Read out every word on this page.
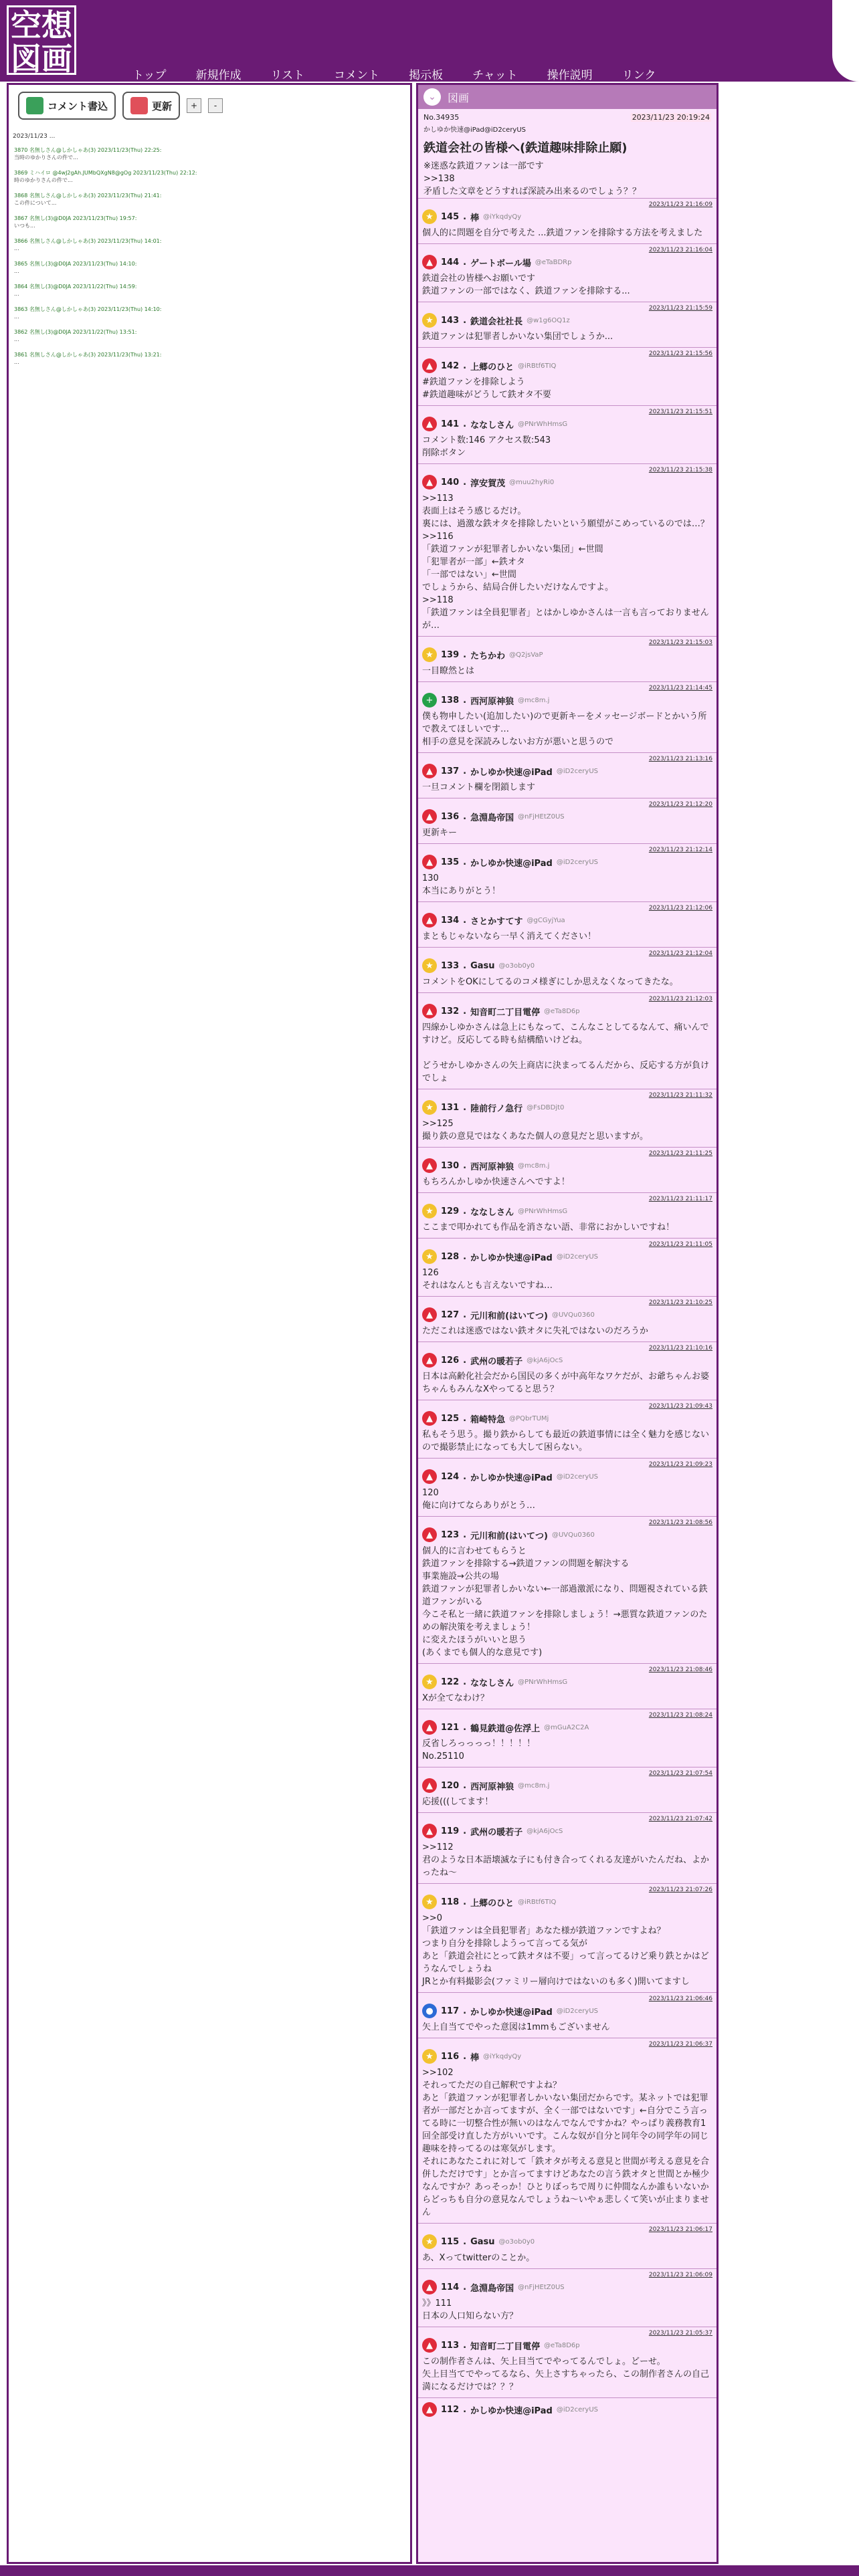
空想
図画	トップ	新規作成	リスト	コメント	掲示板	チャット	操作説明	リンク
コメント書込	更新	+	-
2023/11/23 ...
3870 名無しさん@しかしゃあ(3) 2023/11/23(Thu) 22:25:
当時のゆかりさんの件で...
3869 ミハイロ @4wJ2gAh.JUMbQXgN8@gOg 2023/11/23(Thu) 22:12:
時のゆかりさんの件で...
3868 名無しさん@しかしゃあ(3) 2023/11/23(Thu) 21:41:
この件について...
3867 名無し(3)@D0JA 2023/11/23(Thu) 19:57:
いつも...
3866 名無しさん@しかしゃあ(3) 2023/11/23(Thu) 14:01:
...
3865 名無し(3)@D0JA 2023/11/23(Thu) 14:10:
...
3864 名無し(3)@D0JA 2023/11/22(Thu) 14:59:
...
3863 名無しさん@しかしゃあ(3) 2023/11/23(Thu) 14:10:
...
3862 名無し(3)@D0JA 2023/11/22(Thu) 13:51:
...
3861 名無しさん@しかしゃあ(3) 2023/11/23(Thu) 13:21:
...
⌄	図画
No.34935	2023/11/23 20:19:24
かしゆか快速@iPad@iD2ceryUS
鉄道会社の皆様へ(鉄道趣味排除止願)
※迷惑な鉄道ファンは一部です
>>138
矛盾した文章をどうすれば深読み出来るのでしょう？？
2023/11/23 21:16:09
★ 145 . 棒 @iYkqdyQy
個人的に問題を自分で考えた ...鉄道ファンを排除する方法を考えました
2023/11/23 21:16:04
▲ 144 . ゲートボール場 @eTaBDRp
鉄道会社の皆様へお願いです
鉄道ファンの一部ではなく、鉄道ファンを排除する...
2023/11/23 21:15:59
★ 143 . 鉄道会社社長 @w1g6OQ1z
鉄道ファンは犯罪者しかいない集団でしょうか...
2023/11/23 21:15:56
▲ 142 . 上郷のひと @iRBtf6TIQ
#鉄道ファンを排除しよう
#鉄道趣味がどうして鉄オタ不要
2023/11/23 21:15:51
▲ 141 . ななしさん @PNrWhHmsG
コメント数:146 アクセス数:543
削除ボタン
2023/11/23 21:15:38
▲ 140 . 淳安賀茂 @muu2hyRi0
>>113
表面上はそう感じるだけ。
裏には、過激な鉄オタを排除したいという願望がこめっているのでは…？
>>116
「鉄道ファンが犯罪者しかいない集団」←世間
「犯罪者が一部」←鉄オタ
「一部ではない」←世間
でしょうから、結局合併したいだけなんですよ。
>>118
「鉄道ファンは全員犯罪者」とはかしゆかさんは一言も言っておりませんが…
2023/11/23 21:15:03
★ 139 . たちかわ @Q2jsVaP
一目瞭然とは
2023/11/23 21:14:45
+ 138 . 西河原神狼 @mc8m.j
僕も物申したい(追加したい)ので更新キーをメッセージボードとかいう所で教えてほしいです…
相手の意見を深読みしないお方が悪いと思うので
2023/11/23 21:13:16
▲ 137 . かしゆか快速@iPad @iD2ceryUS
一旦コメント欄を閉鎖します
2023/11/23 21:12:20
▲ 136 . 急淵島帝国 @nFjHEtZ0US
更新キー
2023/11/23 21:12:14
▲ 135 . かしゆか快速@iPad @iD2ceryUS
130
本当にありがとう！
2023/11/23 21:12:06
▲ 134 . さとかすてす @gCGyjYua
まともじゃないなら一早く消えてください！
2023/11/23 21:12:04
★ 133 . Gasu @o3ob0y0
コメントをOKにしてるのコメ様ぎにしか思えなくなってきたな。
2023/11/23 21:12:03
▲ 132 . 知音町二丁目電停 @eTa8D6p
四線かしゆかさんは急上にもなって、こんなことしてるなんて、痛いんですけど。反応してる時も結構酷いけどね。

どうせかしゆかさんの矢上商店に決まってるんだから、反応する方が負けでしょ
2023/11/23 21:11:32
★ 131 . 陸前行ノ急行 @FsDBDjt0
>>125
撮り鉄の意見ではなくあなた個人の意見だと思いますが。
2023/11/23 21:11:25
▲ 130 . 西河原神狼 @mc8m.j
もちろんかしゆか快速さんへですよ！
2023/11/23 21:11:17
★ 129 . ななしさん @PNrWhHmsG
ここまで叩かれても作品を消さない語、非常におかしいですね！
2023/11/23 21:11:05
★ 128 . かしゆか快速@iPad @iD2ceryUS
126
それはなんとも言えないですね…
2023/11/23 21:10:25
▲ 127 . 元川和前(はいてつ) @UVQu0360
ただこれは迷惑ではない鉄オタに失礼ではないのだろうか
2023/11/23 21:10:16
▲ 126 . 武州の暖若子 @kjA6jOcS
日本は高齢化社会だから国民の多くが中高年なワケだが、お爺ちゃんお婆ちゃんもみんなXやってると思う？
2023/11/23 21:09:43
▲ 125 . 箱崎特急 @PQbrTUMj
私もそう思う。撮り鉄からしても最近の鉄道事情には全く魅力を感じないので撮影禁止になっても大して困らない。
2023/11/23 21:09:23
▲ 124 . かしゆか快速@iPad @iD2ceryUS
120
俺に向けてならありがとう…
2023/11/23 21:08:56
▲ 123 . 元川和前(はいてつ) @UVQu0360
個人的に言わせてもらうと
鉄道ファンを排除する→鉄道ファンの問題を解決する
事業施設→公共の場
鉄道ファンが犯罪者しかいない←一部過激派になり、問題視されている鉄道ファンがいる
今こそ私と一緒に鉄道ファンを排除しましょう！→悪質な鉄道ファンのための解決策を考えましょう！
に変えたほうがいいと思う
(あくまでも個人的な意見です)
2023/11/23 21:08:46
★ 122 . ななしさん @PNrWhHmsG
Xが全てなわけ？
2023/11/23 21:08:24
▲ 121 . 鶴見鉄道@佐浮上 @mGuA2C2A
反省しろっっっっ！！！！！
No.25110
2023/11/23 21:07:54
▲ 120 . 西河原神狼 @mc8m.j
応援(((してます！
2023/11/23 21:07:42
▲ 119 . 武州の暖若子 @kjA6jOcS
>>112
君のような日本語壊滅な子にも付き合ってくれる友達がいたんだね、よかったね〜
2023/11/23 21:07:26
★ 118 . 上郷のひと @iRBtf6TIQ
>>0
「鉄道ファンは全員犯罪者」あなた様が鉄道ファンですよね？
つまり自分を排除しようって言ってる気が
あと「鉄道会社にとって鉄オタは不要」って言ってるけど乗り鉄とかはどうなんでしょうね
JRとか有料撮影会(ファミリー層向けではないのも多く)開いてますし
2023/11/23 21:06:46
● 117 . かしゆか快速@iPad @iD2ceryUS
矢上自当てでやった意図は1mmもございません
2023/11/23 21:06:37
★ 116 . 棒 @iYkqdyQy
>>102
それってただの自己解釈ですよね？
あと「鉄道ファンが犯罪者しかいない集団だからです。某ネットでは犯罪者が一部だとか言ってますが、全く一部ではないです」←自分でこう言ってる時に一切整合性が無いのはなんでなんですかね？やっぱり義務教育1回全部受け直した方がいいです。こんな奴が自分と同年令の同学年の同じ趣味を持ってるのは寒気がします。
それにあなたこれに対して「鉄オタが考える意見と世間が考える意見を合併しただけです」とか言ってますけどあなたの言う鉄オタと世間とか極少なんですか？あっそっか！ひとりぼっちで周りに仲間なんか誰もいないからどっちも自分の意見なんでしょうね〜いやぁ悲しくて笑いが止まりません
2023/11/23 21:06:17
★ 115 . Gasu @o3ob0y0
あ、Xってtwitterのことか。
2023/11/23 21:06:09
▲ 114 . 急淵島帝国 @nFjHEtZ0US
》》111
日本の人口知らない方？
2023/11/23 21:05:37
▲ 113 . 知音町二丁目電停 @eTa8D6p
この制作者さんは、矢上目当てでやってるんでしょ。どーせ。
矢上目当てでやってるなら、矢上さすちゃったら、この制作者さんの自己満になるだけでは？？？
▲ 112 . かしゆか快速@iPad @iD2ceryUS
